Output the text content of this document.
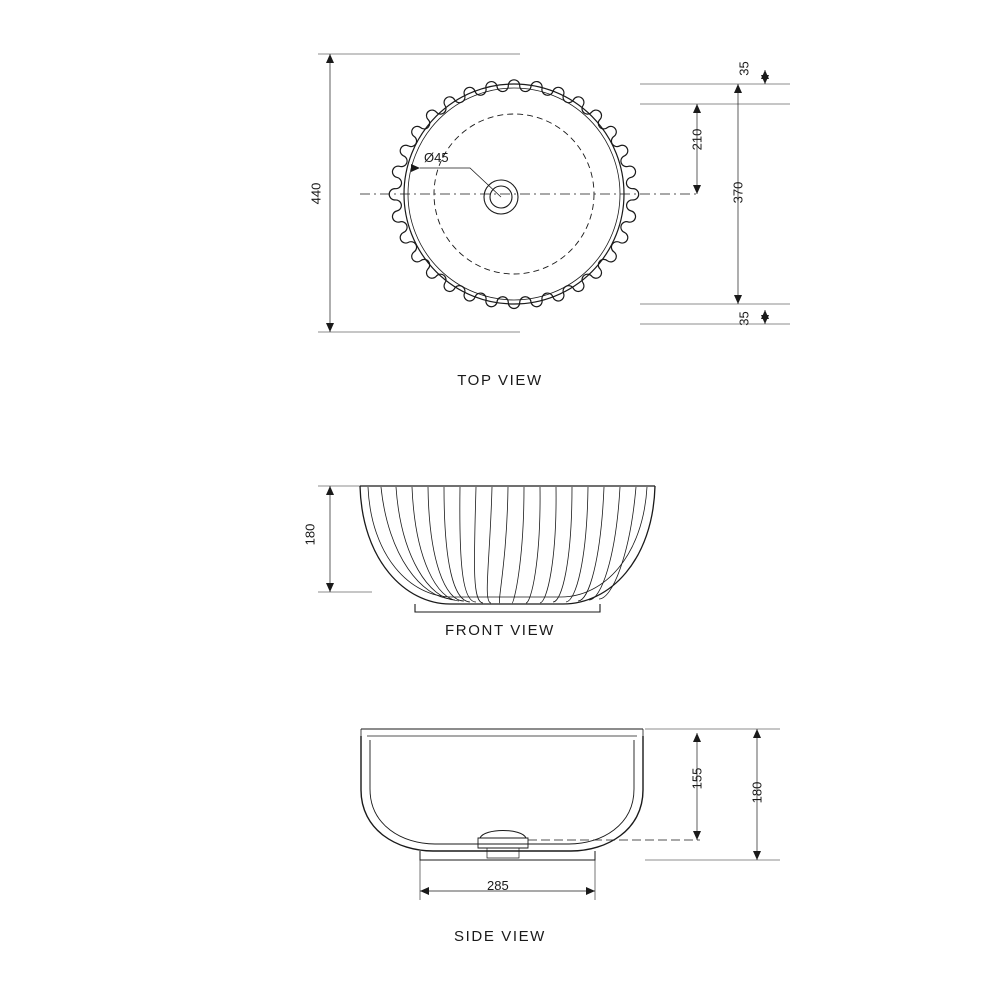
TOP VIEW
FRONT VIEW
SIDE VIEW
440	370
210
35
35
Ø45
180
155
180
285
